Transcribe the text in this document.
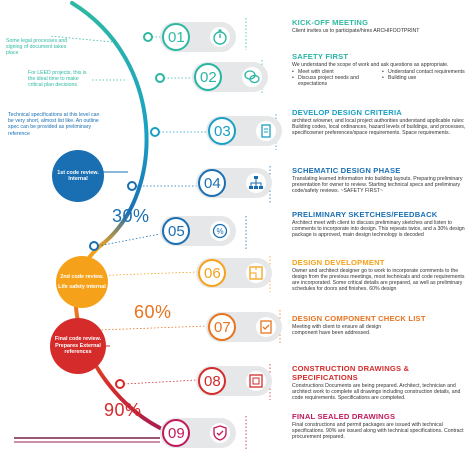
Some legal processes and signing of document takes place
For LEED projects, this is the ideal time to make critical plan decisions.
Technical specifications at this level can be very short, almost list like. An outline spec can be provided as preliminary reference
1st code review. Internal
2nd code review.
Life safety internal
Final code review. Prepares External references
30%
60%
90%
01
02
03
04
05	%
06
07
08
09
KICK-OFF MEETING
Client invites us to participate/hires ARCHIFOOTPRINT
SAFETY FIRST
We understand the scope of work and ask questions as appropriate.
• Meet with client
• Discuss project needs and expectations
• Understand contact requirements
• Building use
DEVELOP DESIGN CRITERIA
architect w/owner, and local project authorities understand applicable rules: Building codes, local ordinances, hazard levels of buildings, and processes, specificowner preferences/space requirements. Space requirements.
SCHEMATIC DESIGN PHASE
Translating learned information into building layouts. Preparing preliminary presentation for owner to review. Starting technical specs and preliminary code/safety reviews. ~SAFETY FIRST~
PRELIMINARY SKETCHES/FEEDBACK
Architect meet with client to discuss preliminary sketches and listen to comments to incorporate into design. This repeats twice, and a 30% design package is approved, main design technology is decoded
DESIGN DEVELOPMENT
Owner and architect designer go to work to incorporate comments to the design from the previous meetings, most technicals and code requirements are incorporated. Some critical details are prepared, as well as preliminary schedules for doors and finishes. 60% design
DESIGN COMPONENT CHECK LIST
Meeting with client to ensure all design component have been addressed.
CONSTRUCTION DRAWINGS & SPECIFICATIONS
Constructions Documents are being prepared. Architect, technician and architect work to complete all drawings including construction details, and code requirements. Specifications are completed.
FINAL SEALED DRAWINGS
Final constructions and permit packages are issued with technical specifications. 90% are issued along with technical specifications. Contract procurement prepared.
